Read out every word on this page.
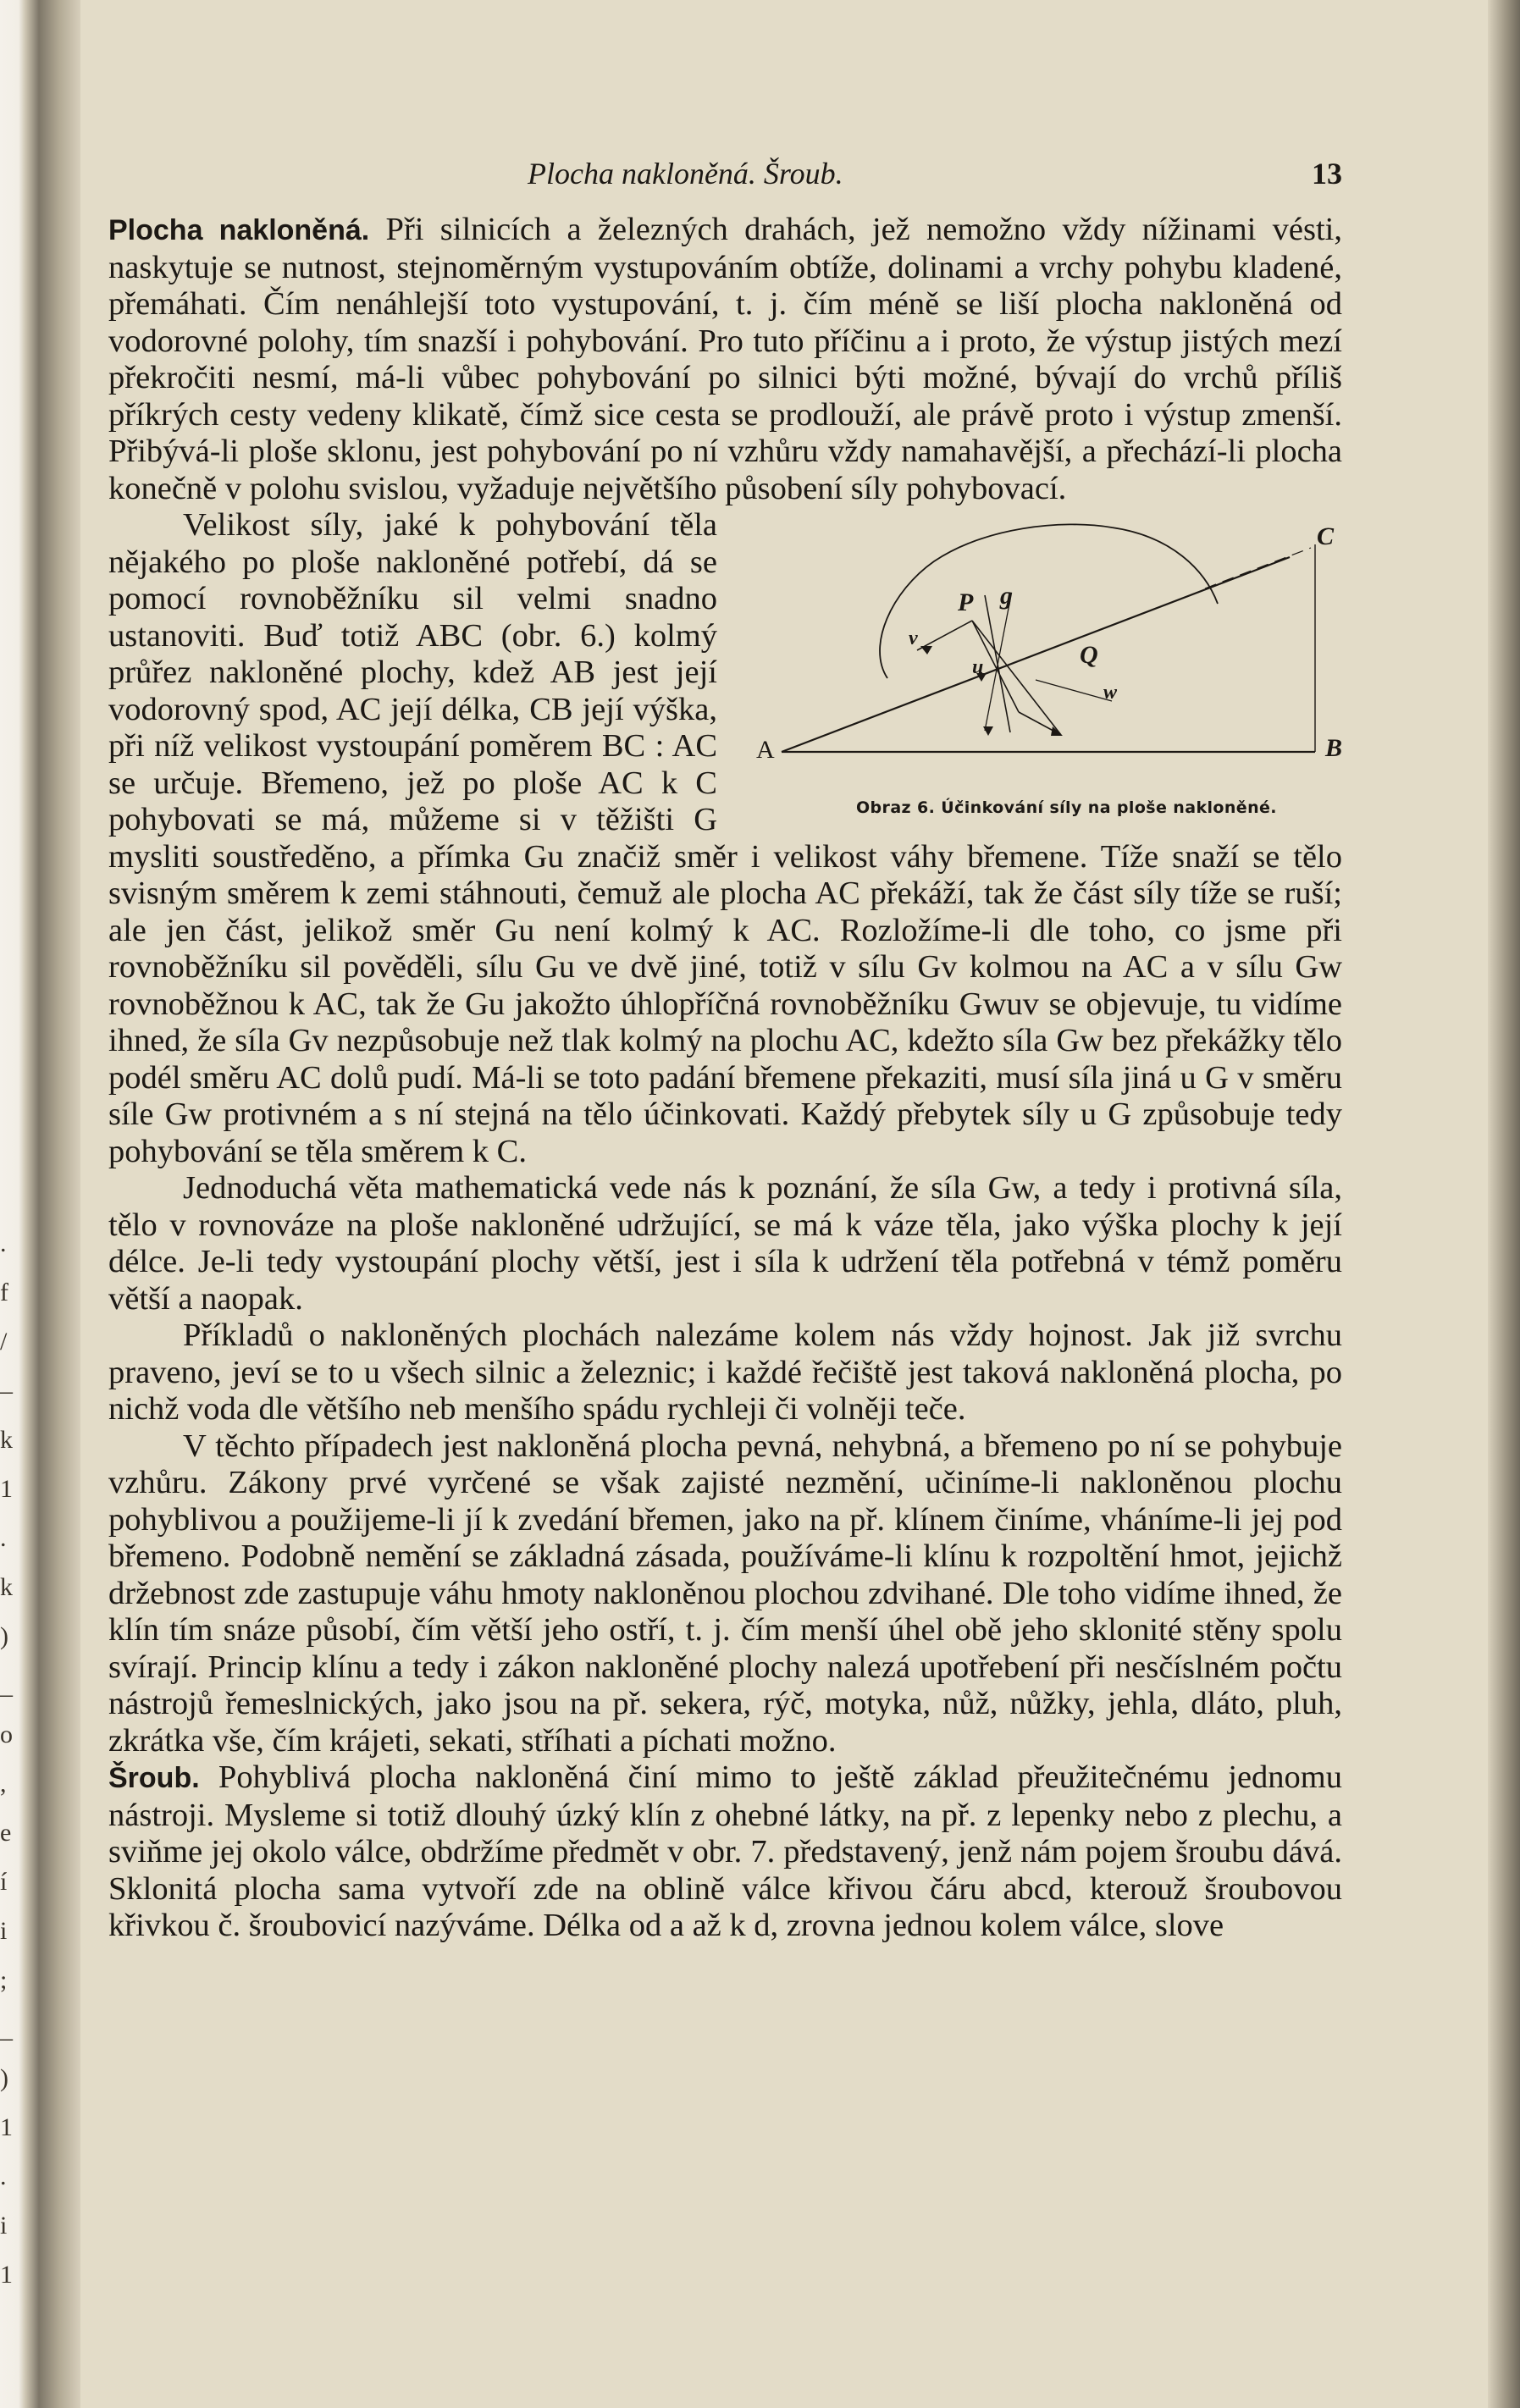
.
f
/
–
k
1
.
k
)
_
o
,
e
í
i
;
_
)
1
.
i
1
Plocha nakloněná. Šroub.	13

Plocha nakloněná. Při silnicích a železných drahách, jež nemožno vždy nížinami vésti, naskytuje se nutnost, stejnoměrným vystupováním obtíže, dolinami a vrchy pohybu kladené, přemáhati. Čím nenáhlejší toto vystupování, t. j. čím méně se liší plocha nakloněná od vodorovné polohy, tím snazší i pohybování. Pro tuto příčinu a i proto, že výstup jistých mezí překročiti nesmí, má-li vůbec pohybování po silnici býti možné, bývají do vrchů příliš příkrých cesty vedeny klikatě, čímž sice cesta se prodlouží, ale právě proto i výstup zmenší. Přibývá-li ploše sklonu, jest pohybování po ní vzhůru vždy namahavější, a přechází-li plocha konečně v polohu svislou, vyžaduje největšího působení síly pohybovací.

A	B
C
P g
Q
v
w
u
Obraz 6. Účinkování síly na ploše nakloněné.
Velikost síly, jaké k pohybování těla nějakého po ploše nakloněné potřebí, dá se pomocí rovnoběžníku sil velmi snadno ustanoviti. Buď totiž ABC (obr. 6.) kolmý průřez nakloněné plochy, kdež AB jest její vodorovný spod, AC její délka, CB její výška, při níž velikost vystoupání poměrem BC : AC se určuje. Břemeno, jež po ploše AC k C pohybovati se má, můžeme si v těžišti G mysliti soustředěno, a přímka Gu značiž směr i velikost váhy břemene. Tíže snaží se tělo svisným směrem k zemi stáhnouti, čemuž ale plocha AC překáží, tak že část síly tíže se ruší; ale jen část, jelikož směr Gu není kolmý k AC. Rozložíme-li dle toho, co jsme při rovnoběžníku sil pověděli, sílu Gu ve dvě jiné, totiž v sílu Gv kolmou na AC a v sílu Gw rovnoběžnou k AC, tak že Gu jakožto úhlopříčná rovnoběžníku Gwuv se objevuje, tu vidíme ihned, že síla Gv nezpůsobuje než tlak kolmý na plochu AC, kdežto síla Gw bez překážky tělo podél směru AC dolů pudí. Má-li se toto padání břemene překaziti, musí síla jiná u G v směru síle Gw protivném a s ní stejná na tělo účinkovati. Každý přebytek síly u G způsobuje tedy pohybování se těla směrem k C.

Jednoduchá věta mathematická vede nás k poznání, že síla Gw, a tedy i protivná síla, tělo v rovnováze na ploše nakloněné udržující, se má k váze těla, jako výška plochy k její délce. Je-li tedy vystoupání plochy větší, jest i síla k udržení těla potřebná v témž poměru větší a naopak.

Příkladů o nakloněných plochách nalezáme kolem nás vždy hojnost. Jak již svrchu praveno, jeví se to u všech silnic a železnic; i každé řečiště jest taková nakloněná plocha, po nichž voda dle většího neb menšího spádu rychleji či volněji teče.

V těchto případech jest nakloněná plocha pevná, nehybná, a břemeno po ní se pohybuje vzhůru. Zákony prvé vyrčené se však zajisté nezmění, učiníme-li nakloněnou plochu pohyblivou a použijeme-li jí k zvedání břemen, jako na př. klínem činíme, vháníme-li jej pod břemeno. Podobně nemění se základná zásada, používáme-li klínu k rozpoltění hmot, jejichž držebnost zde zastupuje váhu hmoty nakloněnou plochou zdvihané. Dle toho vidíme ihned, že klín tím snáze působí, čím větší jeho ostří, t. j. čím menší úhel obě jeho sklonité stěny spolu svírají. Princip klínu a tedy i zákon nakloněné plochy nalezá upotřebení při nesčíslném počtu nástrojů řemeslnických, jako jsou na př. sekera, rýč, motyka, nůž, nůžky, jehla, dláto, pluh, zkrátka vše, čím krájeti, sekati, stříhati a píchati možno.

Šroub. Pohyblivá plocha nakloněná činí mimo to ještě základ přeužitečnému jednomu nástroji. Mysleme si totiž dlouhý úzký klín z ohebné látky, na př. z lepenky nebo z plechu, a sviňme jej okolo válce, obdržíme předmět v obr. 7. představený, jenž nám pojem šroubu dává. Sklonitá plocha sama vytvoří zde na oblině válce křivou čáru abcd, kterouž šroubovou křivkou č. šroubovicí nazýváme. Délka od a až k d, zrovna jednou kolem válce, slove
